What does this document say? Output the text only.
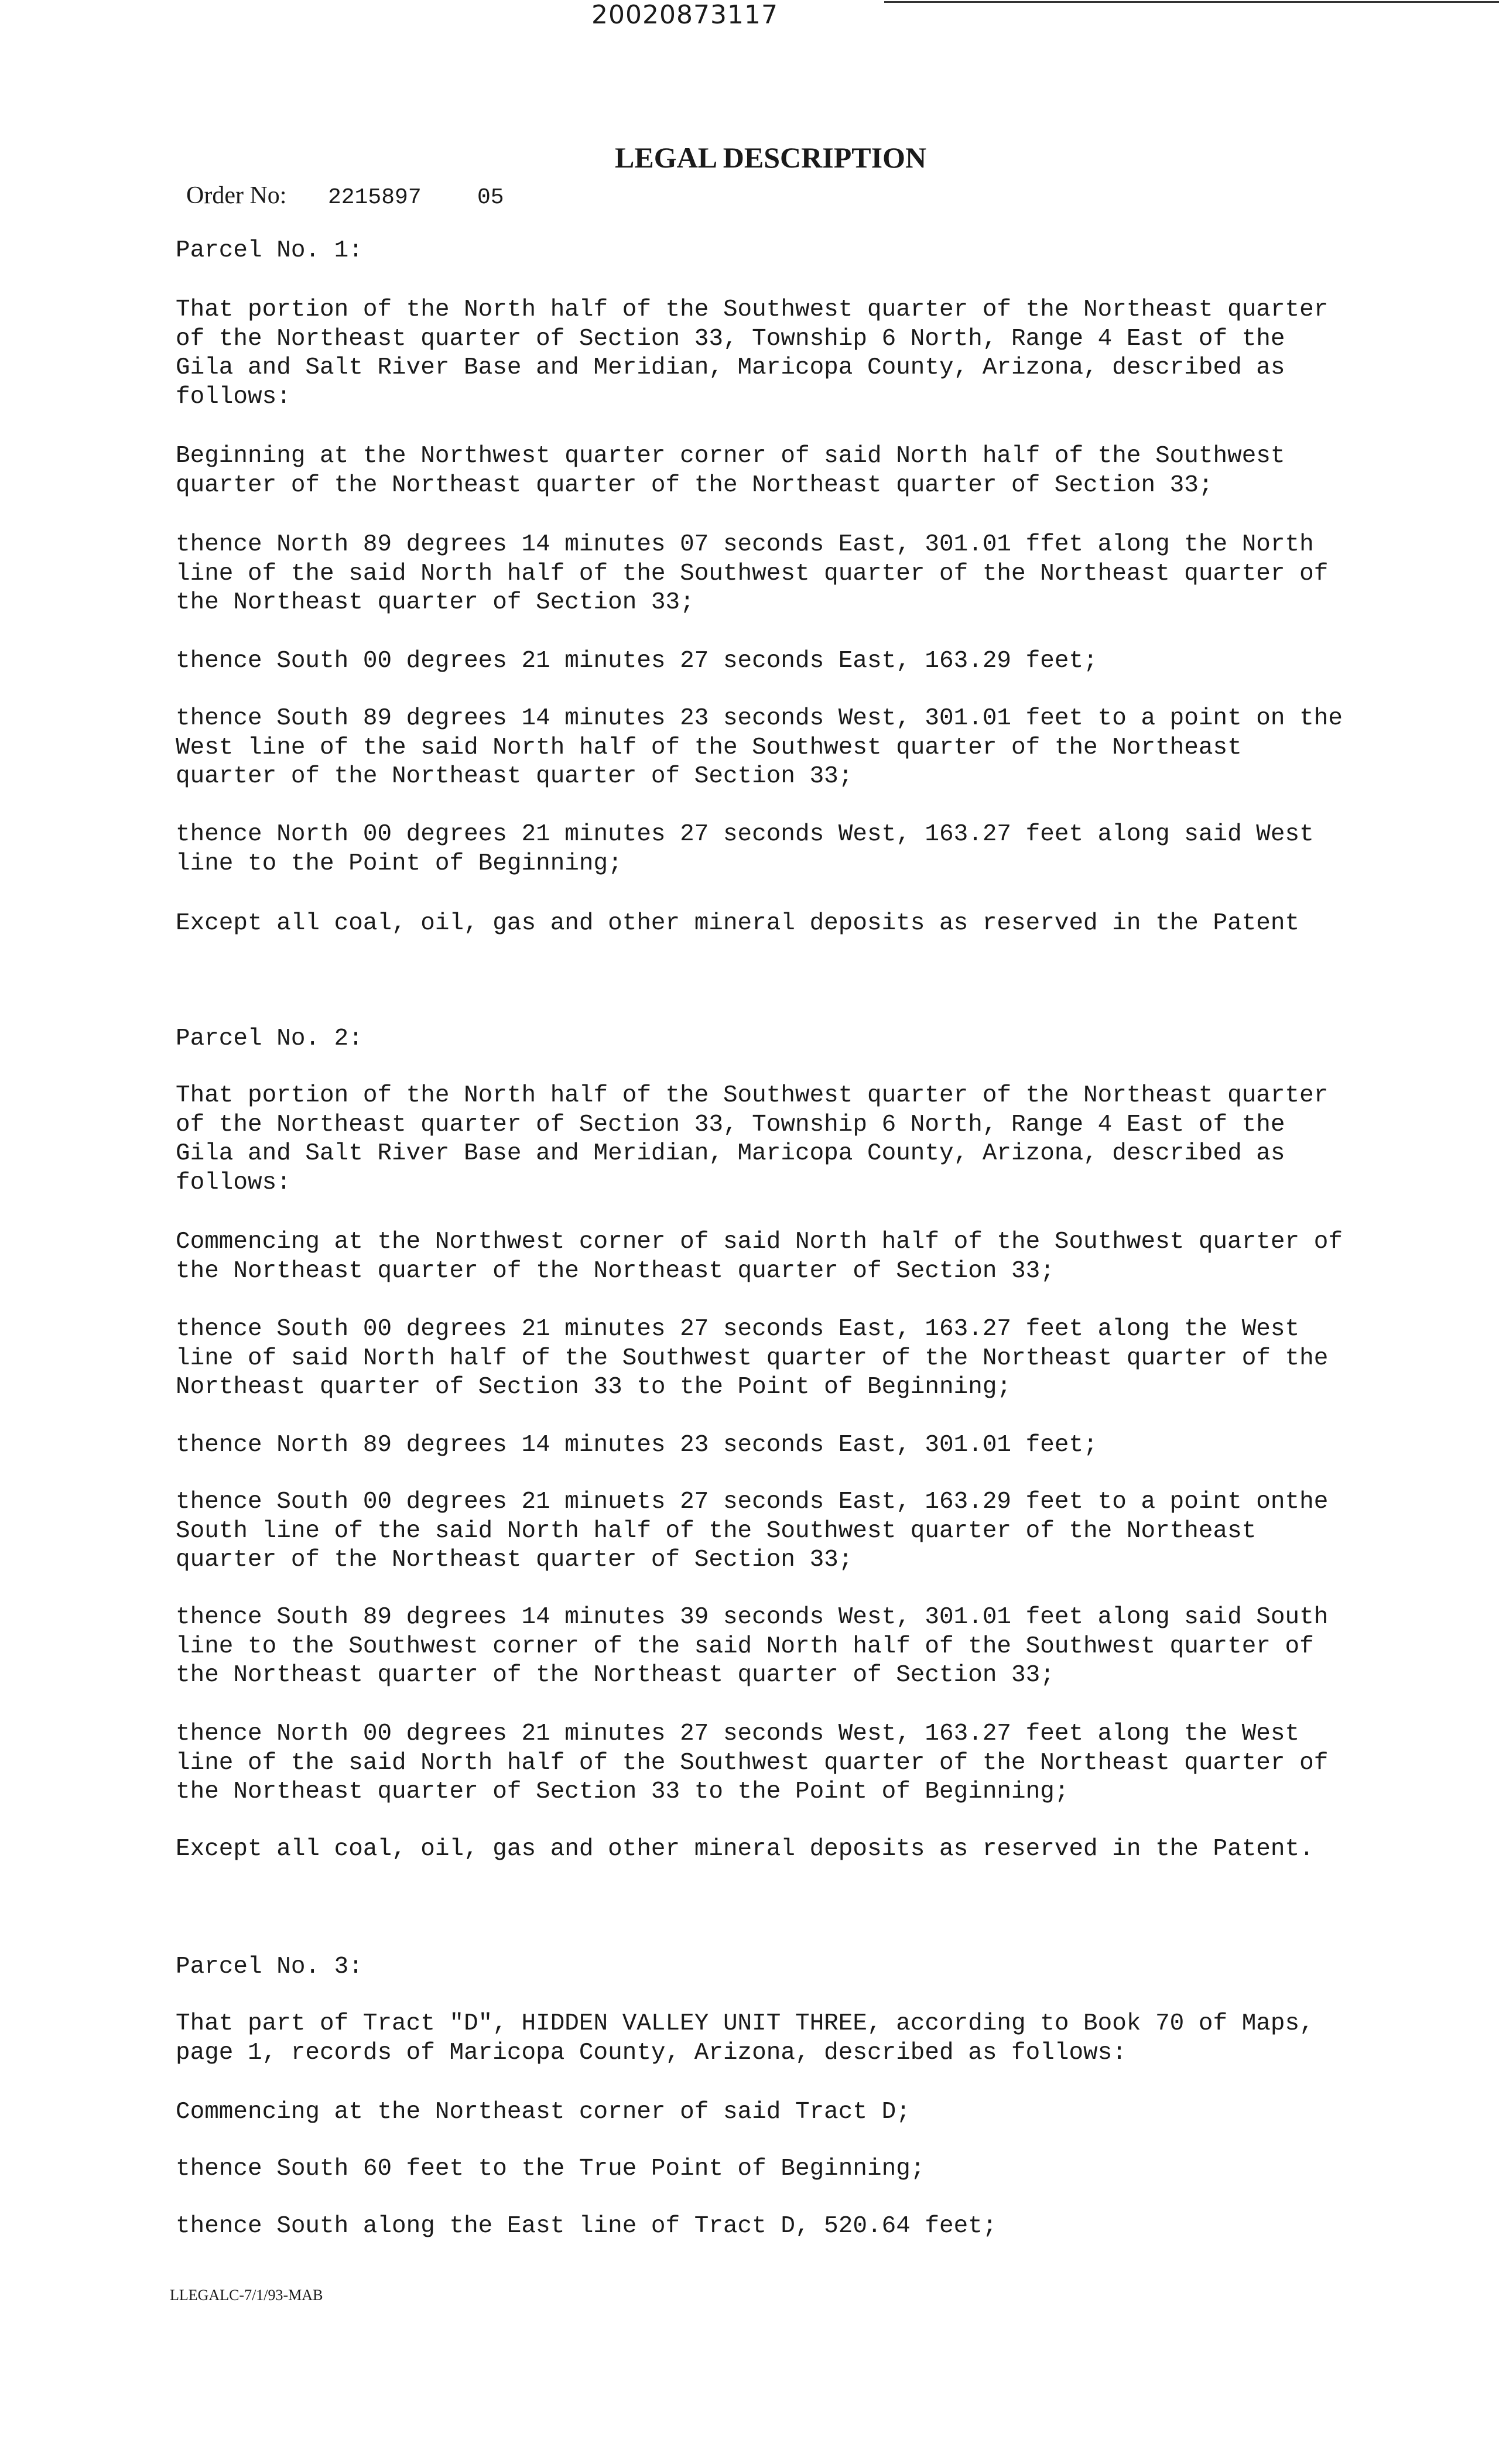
20020873117
LEGAL DESCRIPTION
Order No: 2215897	05

Parcel No. 1:

That portion of the North half of the Southwest quarter of the Northeast quarter
of the Northeast quarter of Section 33, Township 6 North, Range 4 East of the
Gila and Salt River Base and Meridian, Maricopa County, Arizona, described as
follows:

Beginning at the Northwest quarter corner of said North half of the Southwest
quarter of the Northeast quarter of the Northeast quarter of Section 33;

thence North 89 degrees 14 minutes 07 seconds East, 301.01 ffet along the North
line of the said North half of the Southwest quarter of the Northeast quarter of
the Northeast quarter of Section 33;

thence South 00 degrees 21 minutes 27 seconds East, 163.29 feet;

thence South 89 degrees 14 minutes 23 seconds West, 301.01 feet to a point on the
West line of the said North half of the Southwest quarter of the Northeast
quarter of the Northeast quarter of Section 33;

thence North 00 degrees 21 minutes 27 seconds West, 163.27 feet along said West
line to the Point of Beginning;

Except all coal, oil, gas and other mineral deposits as reserved in the Patent

Parcel No. 2:

That portion of the North half of the Southwest quarter of the Northeast quarter
of the Northeast quarter of Section 33, Township 6 North, Range 4 East of the
Gila and Salt River Base and Meridian, Maricopa County, Arizona, described as
follows:

Commencing at the Northwest corner of said North half of the Southwest quarter of
the Northeast quarter of the Northeast quarter of Section 33;

thence South 00 degrees 21 minutes 27 seconds East, 163.27 feet along the West
line of said North half of the Southwest quarter of the Northeast quarter of the
Northeast quarter of Section 33 to the Point of Beginning;

thence North 89 degrees 14 minutes 23 seconds East, 301.01 feet;

thence South 00 degrees 21 minuets 27 seconds East, 163.29 feet to a point onthe
South line of the said North half of the Southwest quarter of the Northeast
quarter of the Northeast quarter of Section 33;

thence South 89 degrees 14 minutes 39 seconds West, 301.01 feet along said South
line to the Southwest corner of the said North half of the Southwest quarter of
the Northeast quarter of the Northeast quarter of Section 33;

thence North 00 degrees 21 minutes 27 seconds West, 163.27 feet along the West
line of the said North half of the Southwest quarter of the Northeast quarter of
the Northeast quarter of Section 33 to the Point of Beginning;

Except all coal, oil, gas and other mineral deposits as reserved in the Patent.

Parcel No. 3:

That part of Tract "D", HIDDEN VALLEY UNIT THREE, according to Book 70 of Maps,
page 1, records of Maricopa County, Arizona, described as follows:

Commencing at the Northeast corner of said Tract D;

thence South 60 feet to the True Point of Beginning;

thence South along the East line of Tract D, 520.64 feet;

LLEGALC-7/1/93-MAB
